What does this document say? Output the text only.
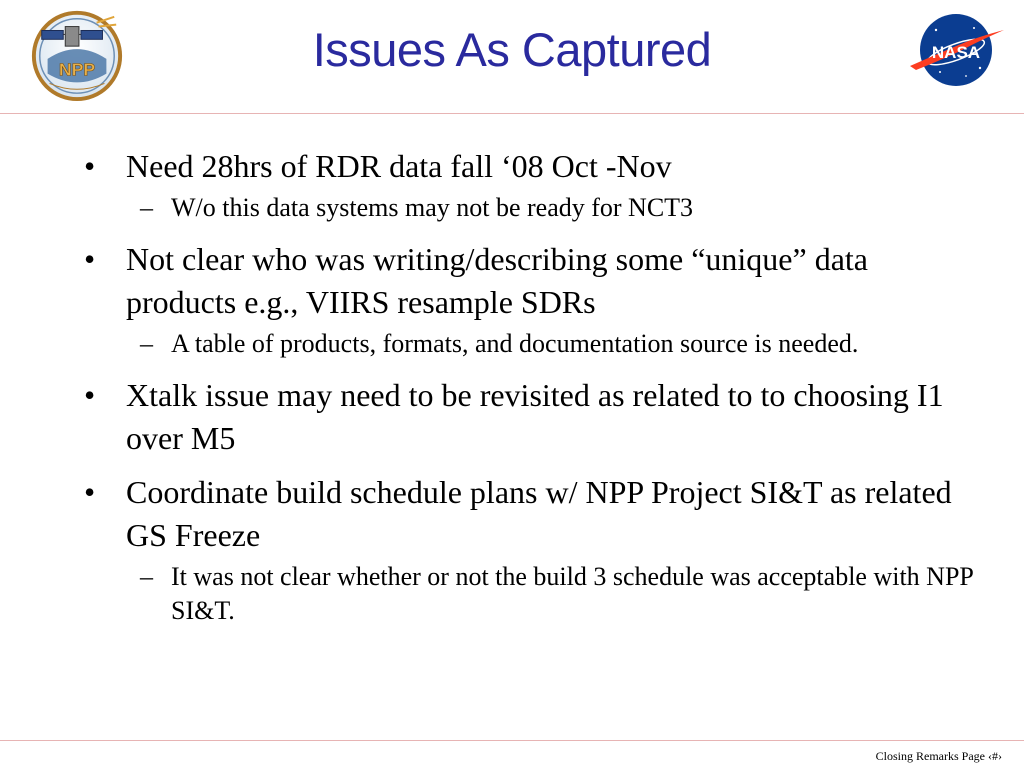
NPP	Issues As Captured	NASA
• Need 28hrs of RDR data fall ‘08 Oct -Nov
– W/o this data systems may not be ready for NCT3
• Not clear who was writing/describing some “unique” data products e.g., VIIRS resample SDRs
– A table of products, formats, and documentation source is needed.
• Xtalk issue may need to be revisited as related to to choosing I1 over M5
• Coordinate build schedule plans w/ NPP Project SI&T as related GS Freeze
– It was not clear whether or not the build 3 schedule was acceptable with NPP SI&T.
Closing Remarks Page ‹#›
